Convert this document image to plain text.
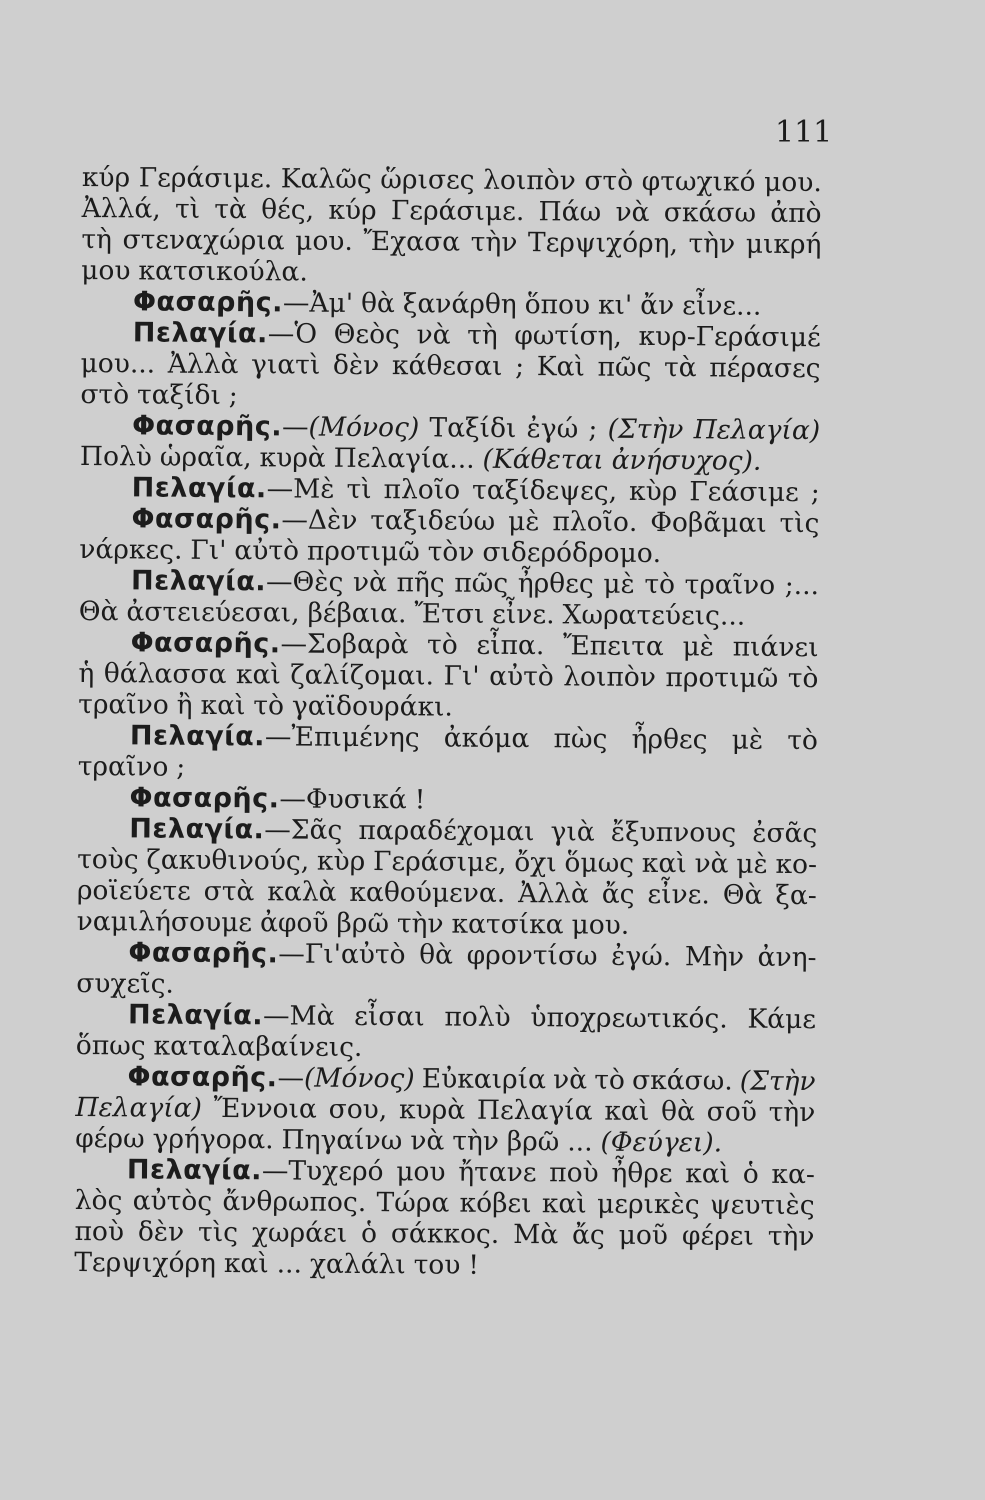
111
κύρ Γεράσιμε. Καλῶς ὥρισες λοιπὸν στὸ φτωχικό μου.
Ἀλλά, τὶ τὰ θές, κύρ Γεράσιμε. Πάω νὰ σκάσω ἀπὸ
τὴ στεναχώρια μου. Ἔχασα τὴν Τερψιχόρη, τὴν μικρή
μου κατσικούλα.
Φασαρῆς.—Ἀμ' θὰ ξανάρθη ὅπου κι' ἄν εἶνε...
Πελαγία.—Ὁ Θεὸς νὰ τὴ φωτίση, κυρ-Γεράσιμέ
μου... Ἀλλὰ γιατὶ δὲν κάθεσαι ; Καὶ πῶς τὰ πέρασες
στὸ ταξίδι ;
Φασαρῆς.—(Μόνος) Ταξίδι ἐγώ ; (Στὴν Πελαγία)
Πολὺ ὡραῖα, κυρὰ Πελαγία... (Κάθεται ἀνήσυχος).
Πελαγία.—Μὲ τὶ πλοῖο ταξίδεψες, κὺρ Γεάσιμε ;
Φασαρῆς.—Δὲν ταξιδεύω μὲ πλοῖο. Φοβᾶμαι τὶς
νάρκες. Γι' αὐτὸ προτιμῶ τὸν σιδερόδρομο.
Πελαγία.—Θὲς νὰ πῆς πῶς ἦρθες μὲ τὸ τραῖνο ;...
Θὰ ἀστειεύεσαι, βέβαια. Ἔτσι εἶνε. Χωρατεύεις...
Φασαρῆς.—Σοβαρὰ τὸ εἶπα. Ἔπειτα μὲ πιάνει
ἡ θάλασσα καὶ ζαλίζομαι. Γι' αὐτὸ λοιπὸν προτιμῶ τὸ
τραῖνο ἢ καὶ τὸ γαϊδουράκι.
Πελαγία.—Ἐπιμένης ἀκόμα πὼς ἦρθες μὲ τὸ
τραῖνο ;
Φασαρῆς.—Φυσικά !
Πελαγία.—Σᾶς παραδέχομαι γιὰ ἔξυπνους ἐσᾶς
τοὺς ζακυθινούς, κὺρ Γεράσιμε, ὄχι ὅμως καὶ νὰ μὲ κο-
ροϊεύετε στὰ καλὰ καθούμενα. Ἀλλὰ ἄς εἶνε. Θὰ ξα-
ναμιλήσουμε ἀφοῦ βρῶ τὴν κατσίκα μου.
Φασαρῆς.—Γι'αὐτὸ θὰ φροντίσω ἐγώ. Μὴν ἀνη-
συχεῖς.
Πελαγία.—Μὰ εἶσαι πολὺ ὑποχρεωτικός. Κάμε
ὅπως καταλαβαίνεις.
Φασαρῆς.—(Μόνος) Εὐκαιρία νὰ τὸ σκάσω. (Στὴν
Πελαγία) Ἔννοια σου, κυρὰ Πελαγία καὶ θὰ σοῦ τὴν
φέρω γρήγορα. Πηγαίνω νὰ τὴν βρῶ ... (Φεύγει).
Πελαγία.—Τυχερό μου ἤτανε ποὺ ἦθρε καὶ ὁ κα-
λὸς αὐτὸς ἄνθρωπος. Τώρα κόβει καὶ μερικὲς ψευτιὲς
ποὺ δὲν τὶς χωράει ὁ σάκκος. Μὰ ἄς μοῦ φέρει τὴν
Τερψιχόρη καὶ ... χαλάλι του !
